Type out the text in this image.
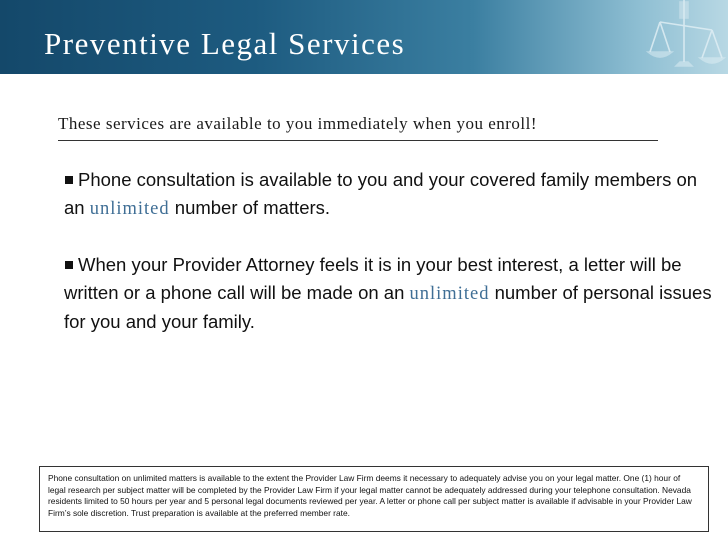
Preventive Legal Services
These services are available to you immediately when you enroll!
Phone consultation is available to you and your covered family members on an unlimited number of matters.
When your Provider Attorney feels it is in your best interest, a letter will be written or a phone call will be made on an unlimited number of personal issues for you and your family.
Phone consultation on unlimited matters is available to the extent the Provider Law Firm deems it necessary to adequately advise you on your legal matter. One (1) hour of legal research per subject matter will be completed by the Provider Law Firm if your legal matter cannot be adequately addressed during your telephone consultation. Nevada residents limited to 50 hours per year and 5 personal legal documents reviewed per year. A letter or phone call per subject matter is available if advisable in your Provider Law Firm’s sole discretion. Trust preparation is available at the preferred member rate.
